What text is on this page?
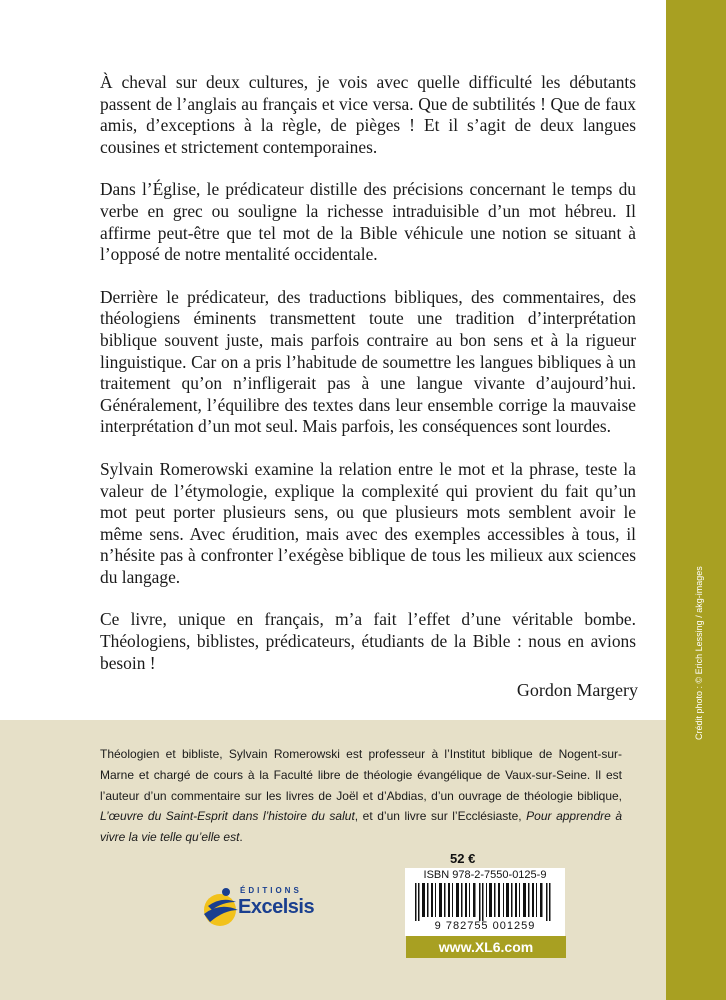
À cheval sur deux cultures, je vois avec quelle difficulté les débutants passent de l’anglais au français et vice versa. Que de subtilités ! Que de faux amis, d’exceptions à la règle, de pièges ! Et il s’agit de deux langues cousines et strictement contemporaines.

Dans l’Église, le prédicateur distille des précisions concernant le temps du verbe en grec ou souligne la richesse intraduisible d’un mot hébreu. Il affirme peut-être que tel mot de la Bible véhicule une notion se situant à l’opposé de notre mentalité occidentale.

Derrière le prédicateur, des traductions bibliques, des commentaires, des théologiens éminents transmettent toute une tradition d’interprétation biblique souvent juste, mais parfois contraire au bon sens et à la rigueur linguistique. Car on a pris l’habitude de soumettre les langues bibliques à un traitement qu’on n’infligerait pas à une langue vivante d’aujourd’hui. Généralement, l’équilibre des textes dans leur ensemble corrige la mauvaise interprétation d’un mot seul. Mais parfois, les conséquences sont lourdes.

Sylvain Romerowski examine la relation entre le mot et la phrase, teste la valeur de l’étymologie, explique la complexité qui provient du fait qu’un mot peut porter plusieurs sens, ou que plusieurs mots semblent avoir le même sens. Avec érudition, mais avec des exemples accessibles à tous, il n’hésite pas à confronter l’exégèse biblique de tous les milieux aux sciences du langage.

Ce livre, unique en français, m’a fait l’effet d’une véritable bombe. Théologiens, biblistes, prédicateurs, étudiants de la Bible : nous en avions besoin !

Gordon Margery
Théologien et bibliste, Sylvain Romerowski est professeur à l’Institut biblique de Nogent-sur-Marne et chargé de cours à la Faculté libre de théologie évangélique de Vaux-sur-Seine. Il est l’auteur d’un commentaire sur les livres de Joël et d’Abdias, d’un ouvrage de théologie biblique, L’œuvre du Saint-Esprit dans l’histoire du salut, et d’un livre sur l’Ecclésiaste, Pour apprendre à vivre la vie telle qu’elle est.
ÉDITIONS
Excelsis
52 €
ISBN 978-2-7550-0125-9
9 782755 001259
www.XL6.com
Crédit photo : © Erich Lessing / akg-images
